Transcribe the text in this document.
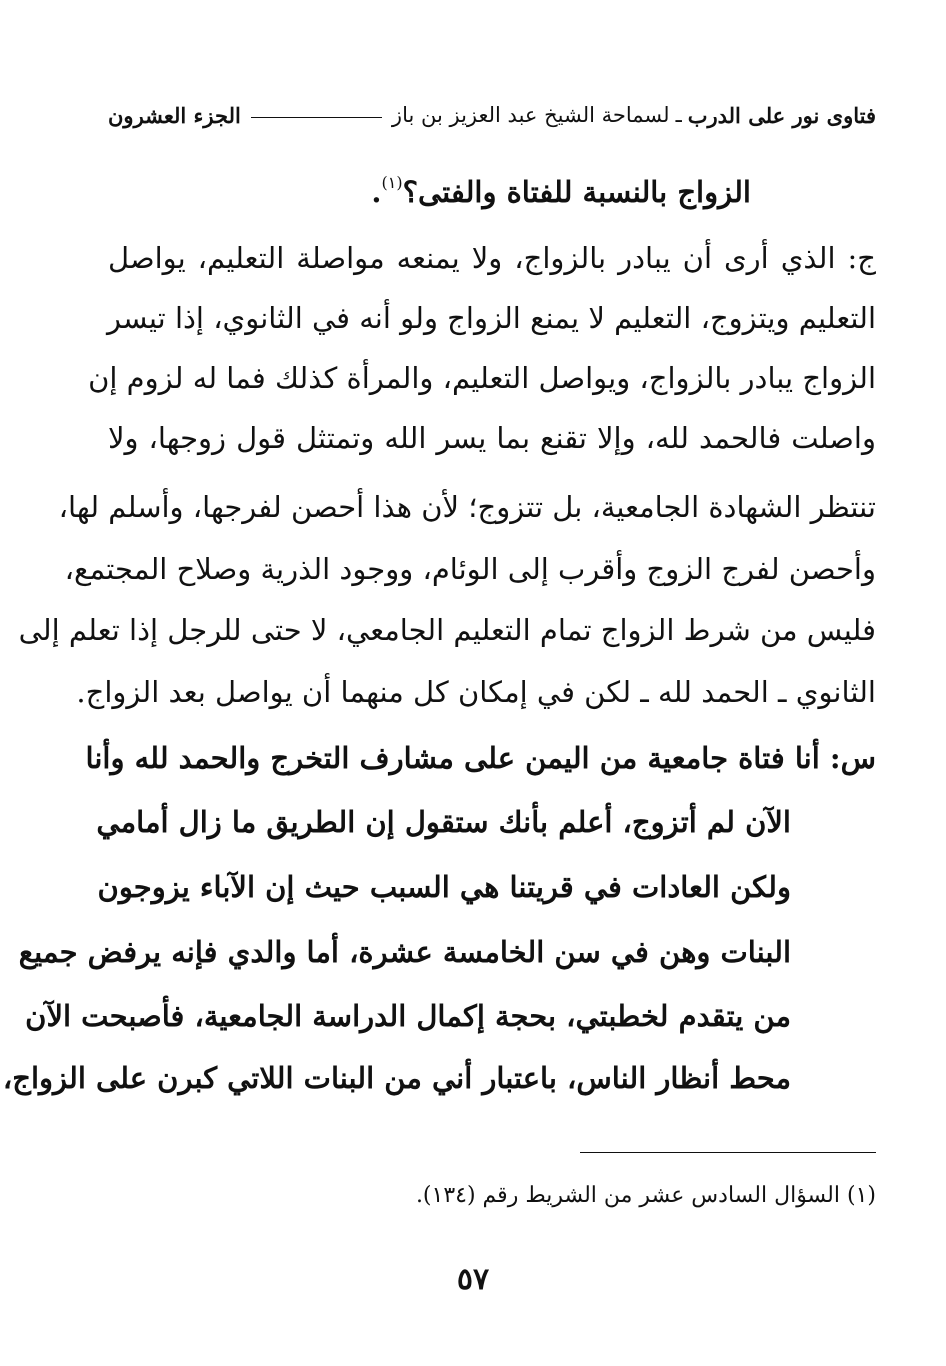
فتاوى نور على الدرب
ـ
لسماحة الشيخ عبد العزيز بن باز
الجزء العشرون
الزواج بالنسبة للفتاة والفتى؟$^{(١)}$.
ج: الذي أرى أن يبادر بالزواج، ولا يمنعه مواصلة التعليم، يواصل
التعليم ويتزوج، التعليم لا يمنع الزواج ولو أنه في الثانوي، إذا تيسر
الزواج يبادر بالزواج، ويواصل التعليم، والمرأة كذلك فما له لزوم إن
واصلت فالحمد لله، وإلا تقنع بما يسر الله وتمتثل قول زوجها، ولا
تنتظر الشهادة الجامعية، بل تتزوج؛ لأن هذا أحصن لفرجها، وأسلم لها،
وأحصن لفرج الزوج وأقرب إلى الوئام، ووجود الذرية وصلاح المجتمع،
فليس من شرط الزواج تمام التعليم الجامعي، لا حتى للرجل إذا تعلم إلى
الثانوي ـ الحمد لله ـ لكن في إمكان كل منهما أن يواصل بعد الزواج.
س: أنا فتاة جامعية من اليمن على مشارف التخرج والحمد لله وأنا
الآن لم أتزوج، أعلم بأنك ستقول إن الطريق ما زال أمامي
ولكن العادات في قريتنا هي السبب حيث إن الآباء يزوجون
البنات وهن في سن الخامسة عشرة، أما والدي فإنه يرفض جميع
من يتقدم لخطبتي، بحجة إكمال الدراسة الجامعية، فأصبحت الآن
محط أنظار الناس، باعتبار أني من البنات اللاتي كبرن على الزواج،
(١) السؤال السادس عشر من الشريط رقم (١٣٤).
٥٧
